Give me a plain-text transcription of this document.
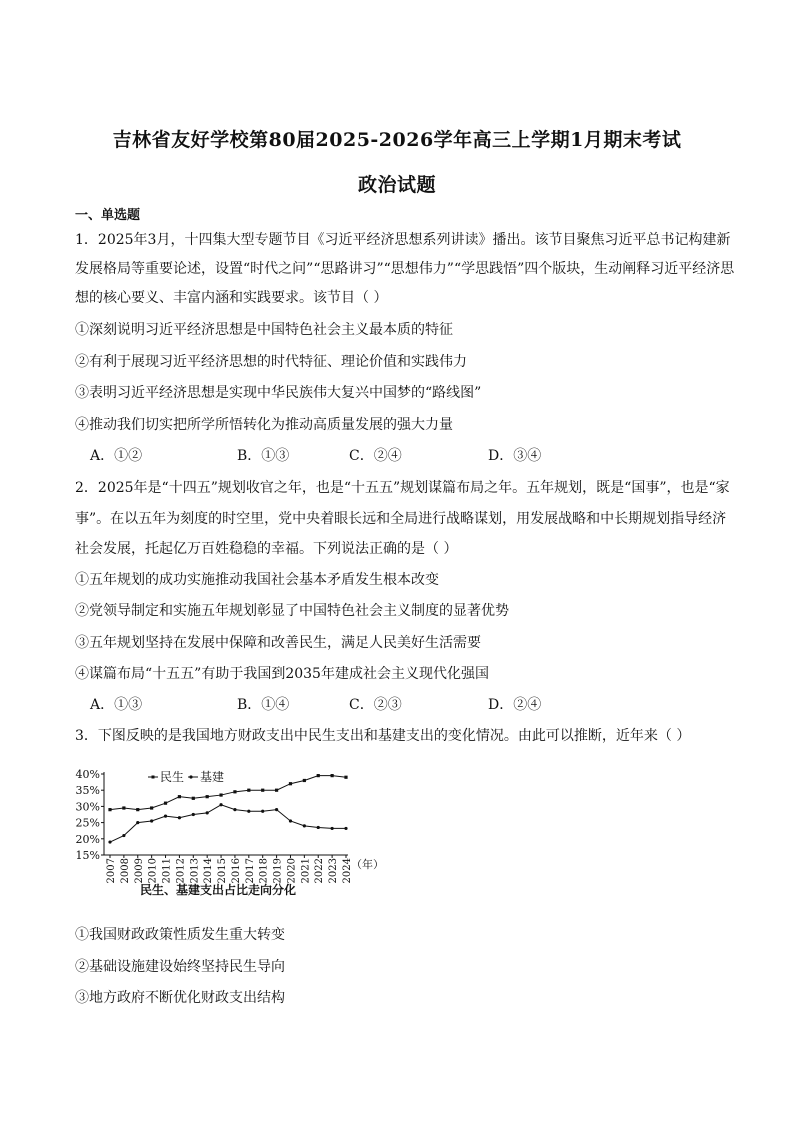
吉林省友好学校第80届2025-2026学年高三上学期1月期末考试
政治试题
一、单选题
1．2025年3月，十四集大型专题节目《习近平经济思想系列讲读》播出。该节目聚焦习近平总书记构建新
发展格局等重要论述，设置“时代之问”“思路讲习”“思想伟力”“学思践悟”四个版块，生动阐释习近平经济思
想的核心要义、丰富内涵和实践要求。该节目（ ）
①深刻说明习近平经济思想是中国特色社会主义最本质的特征
②有利于展现习近平经济思想的时代特征、理论价值和实践伟力
③表明习近平经济思想是实现中华民族伟大复兴中国梦的“路线图”
④推动我们切实把所学所悟转化为推动高质量发展的强大力量
A．①②	B．①③	C．②④	D．③④
2．2025年是“十四五”规划收官之年，也是“十五五”规划谋篇布局之年。五年规划，既是“国事”，也是“家
事”。在以五年为刻度的时空里，党中央着眼长远和全局进行战略谋划，用发展战略和中长期规划指导经济
社会发展，托起亿万百姓稳稳的幸福。下列说法正确的是（ ）
①五年规划的成功实施推动我国社会基本矛盾发生根本改变
②党领导制定和实施五年规划彰显了中国特色社会主义制度的显著优势
③五年规划坚持在发展中保障和改善民生，满足人民美好生活需要
④谋篇布局“十五五”有助于我国到2035年建成社会主义现代化强国
A．①③	B．①④	C．②③	D．②④
3．下图反映的是我国地方财政支出中民生支出和基建支出的变化情况。由此可以推断，近年来（ ）
40%
35%
30%
25%
20%
15%
2007 2008 2009 2010 2011 2012 2013 2014 2015 2016 2017 2018 2019 2020 2021 2022 2023 2024
民生 基建
（年）
民生、基建支出占比走向分化
①我国财政政策性质发生重大转变
②基础设施建设始终坚持民生导向
③地方政府不断优化财政支出结构
